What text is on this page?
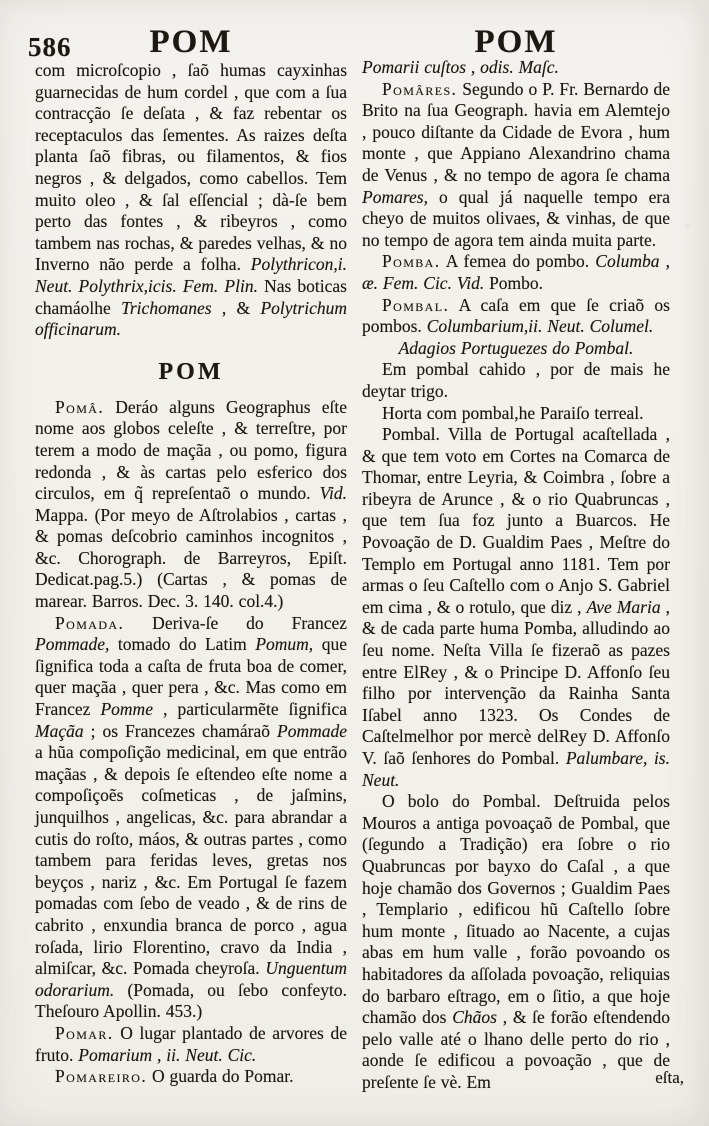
586	POM	POM

com microſcopio , ſaõ humas cayxinhas guarnecidas de hum cordel , que com a ſua contracção ſe deſata , & faz rebentar os receptaculos das ſementes. As raizes deſta planta ſaõ fibras, ou filamentos, & fios negros , & delgados, como cabellos. Tem muito oleo , & ſal eſſencial ; dà-ſe bem perto das fontes , & ribeyros , como tambem nas rochas, & paredes velhas, & no Inverno não perde a folha. Polythricon,i. Neut. Polythrix,icis. Fem. Plin. Nas boticas chamáolhe Trichomanes , & Polytrichum officinarum.

POM

Pomâ. Deráo alguns Geographus eſte nome aos globos celeſte , & terreſtre, por terem a modo de maçãa , ou pomo, figura redonda , & às cartas pelo esferico dos circulos, em q̃ repreſentaõ o mundo. Vid. Mappa. (Por meyo de Aſtrolabios , cartas , & pomas deſcobrio caminhos incognitos , &c. Chorograph. de Barreyros, Epiſt. Dedicat.pag.5.) (Cartas , & pomas de marear. Barros. Dec. 3. 140. col.4.)

Pomada. Deriva-ſe do Francez Pommade, tomado do Latim Pomum, que ſignifica toda a caſta de fruta boa de comer, quer maçãa , quer pera , &c. Mas como em Francez Pomme , particularmẽte ſignifica Maçãa ; os Francezes chamáraõ Pommade a hũa compoſição medicinal, em que entrão maçãas , & depois ſe eſtendeo eſte nome a compoſiçoẽs coſmeticas , de jaſmins, junquilhos , angelicas, &c. para abrandar a cutis do roſto, máos, & outras partes , como tambem para feridas leves, gretas nos beyços , nariz , &c. Em Portugal ſe fazem pomadas com ſebo de veado , & de rins de cabrito , enxundia branca de porco , agua roſada, lirio Florentino, cravo da India , almiſcar, &c. Pomada cheyroſa. Unguentum odorarium. (Pomada, ou ſebo confeyto. Theſouro Apollin. 453.)

Pomar. O lugar plantado de arvores de fruto. Pomarium , ii. Neut. Cic.

Pomareiro. O guarda do Pomar.

Pomarii cuſtos , odis. Maſc.

Pomâres. Segundo o P. Fr. Bernardo de Brito na ſua Geograph. havia em Alemtejo , pouco diſtante da Cidade de Evora , hum monte , que Appiano Alexandrino chama de Venus , & no tempo de agora ſe chama Pomares, o qual já naquelle tempo era cheyo de muitos olivaes, & vinhas, de que no tempo de agora tem ainda muita parte.

Pomba. A femea do pombo. Columba , æ. Fem. Cic. Vid. Pombo.

Pombal. A caſa em que ſe criaõ os pombos. Columbarium,ii. Neut. Columel.

Adagios Portuguezes do Pombal.

Em pombal cahido , por de mais he deytar trigo.

Horta com pombal,he Paraiſo terreal.

Pombal. Villa de Portugal acaſtellada , & que tem voto em Cortes na Comarca de Thomar, entre Leyria, & Coimbra , ſobre a ribeyra de Arunce , & o rio Quabruncas , que tem ſua foz junto a Buarcos. He Povoação de D. Gualdim Paes , Meſtre do Templo em Portugal anno 1181. Tem por armas o ſeu Caſtello com o Anjo S. Gabriel em cima , & o rotulo, que diz , Ave Maria , & de cada parte huma Pomba, alludindo ao ſeu nome. Neſta Villa ſe fizeraõ as pazes entre ElRey , & o Principe D. Affonſo ſeu filho por intervenção da Rainha Santa Iſabel anno 1323. Os Condes de Caſtelmelhor por mercè delRey D. Affonſo V. ſaõ ſenhores do Pombal. Palumbare, is. Neut.

O bolo do Pombal. Deſtruida pelos Mouros a antiga povoaçaõ de Pombal, que (ſegundo a Tradição) era ſobre o rio Quabruncas por bayxo do Caſal , a que hoje chamão dos Governos ; Gualdim Paes , Templario , edificou hũ Caſtello ſobre hum monte , ſituado ao Nacente, a cujas abas em hum valle , forão povoando os habitadores da aſſolada povoação, reliquias do barbaro eſtrago, em o ſitio, a que hoje chamão dos Chãos , & ſe forão eſtendendo pelo valle até o lhano delle perto do rio , aonde ſe edificou a povoação , que de preſente ſe vè. Em	eſta,
